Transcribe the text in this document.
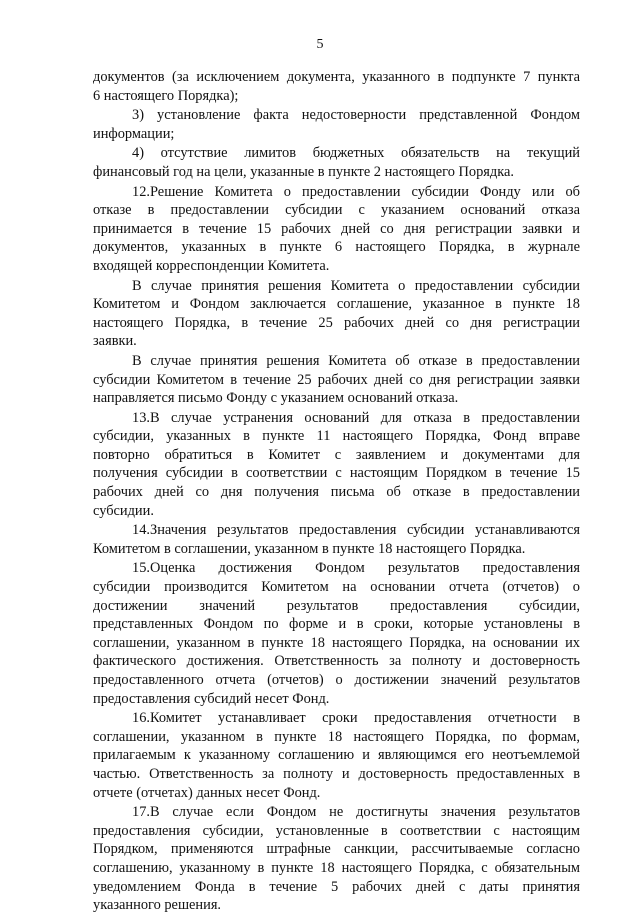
5
документов (за исключением документа, указанного в подпункте 7 пункта
6 настоящего Порядка);
3) установление факта недостоверности представленной Фондом
информации;
4) отсутствие лимитов бюджетных обязательств на текущий
финансовый год на цели, указанные в пункте 2 настоящего Порядка.
12.Решение Комитета о предоставлении субсидии Фонду или об
отказе в предоставлении субсидии с указанием оснований отказа
принимается в течение 15 рабочих дней со дня регистрации заявки и
документов, указанных в пункте 6 настоящего Порядка, в журнале
входящей корреспонденции Комитета.
В случае принятия решения Комитета о предоставлении субсидии
Комитетом и Фондом заключается соглашение, указанное в пункте 18
настоящего Порядка, в течение 25 рабочих дней со дня регистрации
заявки.
В случае принятия решения Комитета об отказе в предоставлении
субсидии Комитетом в течение 25 рабочих дней со дня регистрации заявки
направляется письмо Фонду с указанием оснований отказа.
13.В случае устранения оснований для отказа в предоставлении
субсидии, указанных в пункте 11 настоящего Порядка, Фонд вправе
повторно обратиться в Комитет с заявлением и документами для
получения субсидии в соответствии с настоящим Порядком в течение 15
рабочих дней со дня получения письма об отказе в предоставлении
субсидии.
14.Значения результатов предоставления субсидии устанавливаются
Комитетом в соглашении, указанном в пункте 18 настоящего Порядка.
15.Оценка достижения Фондом результатов предоставления
субсидии производится Комитетом на основании отчета (отчетов) о
достижении значений результатов предоставления субсидии,
представленных Фондом по форме и в сроки, которые установлены в
соглашении, указанном в пункте 18 настоящего Порядка, на основании их
фактического достижения. Ответственность за полноту и достоверность
предоставленного отчета (отчетов) о достижении значений результатов
предоставления субсидий несет Фонд.
16.Комитет устанавливает сроки предоставления отчетности в
соглашении, указанном в пункте 18 настоящего Порядка, по формам,
прилагаемым к указанному соглашению и являющимся его неотъемлемой
частью. Ответственность за полноту и достоверность предоставленных в
отчете (отчетах) данных несет Фонд.
17.В случае если Фондом не достигнуты значения результатов
предоставления субсидии, установленные в соответствии с настоящим
Порядком, применяются штрафные санкции, рассчитываемые согласно
соглашению, указанному в пункте 18 настоящего Порядка, с обязательным
уведомлением Фонда в течение 5 рабочих дней с даты принятия
указанного решения.
